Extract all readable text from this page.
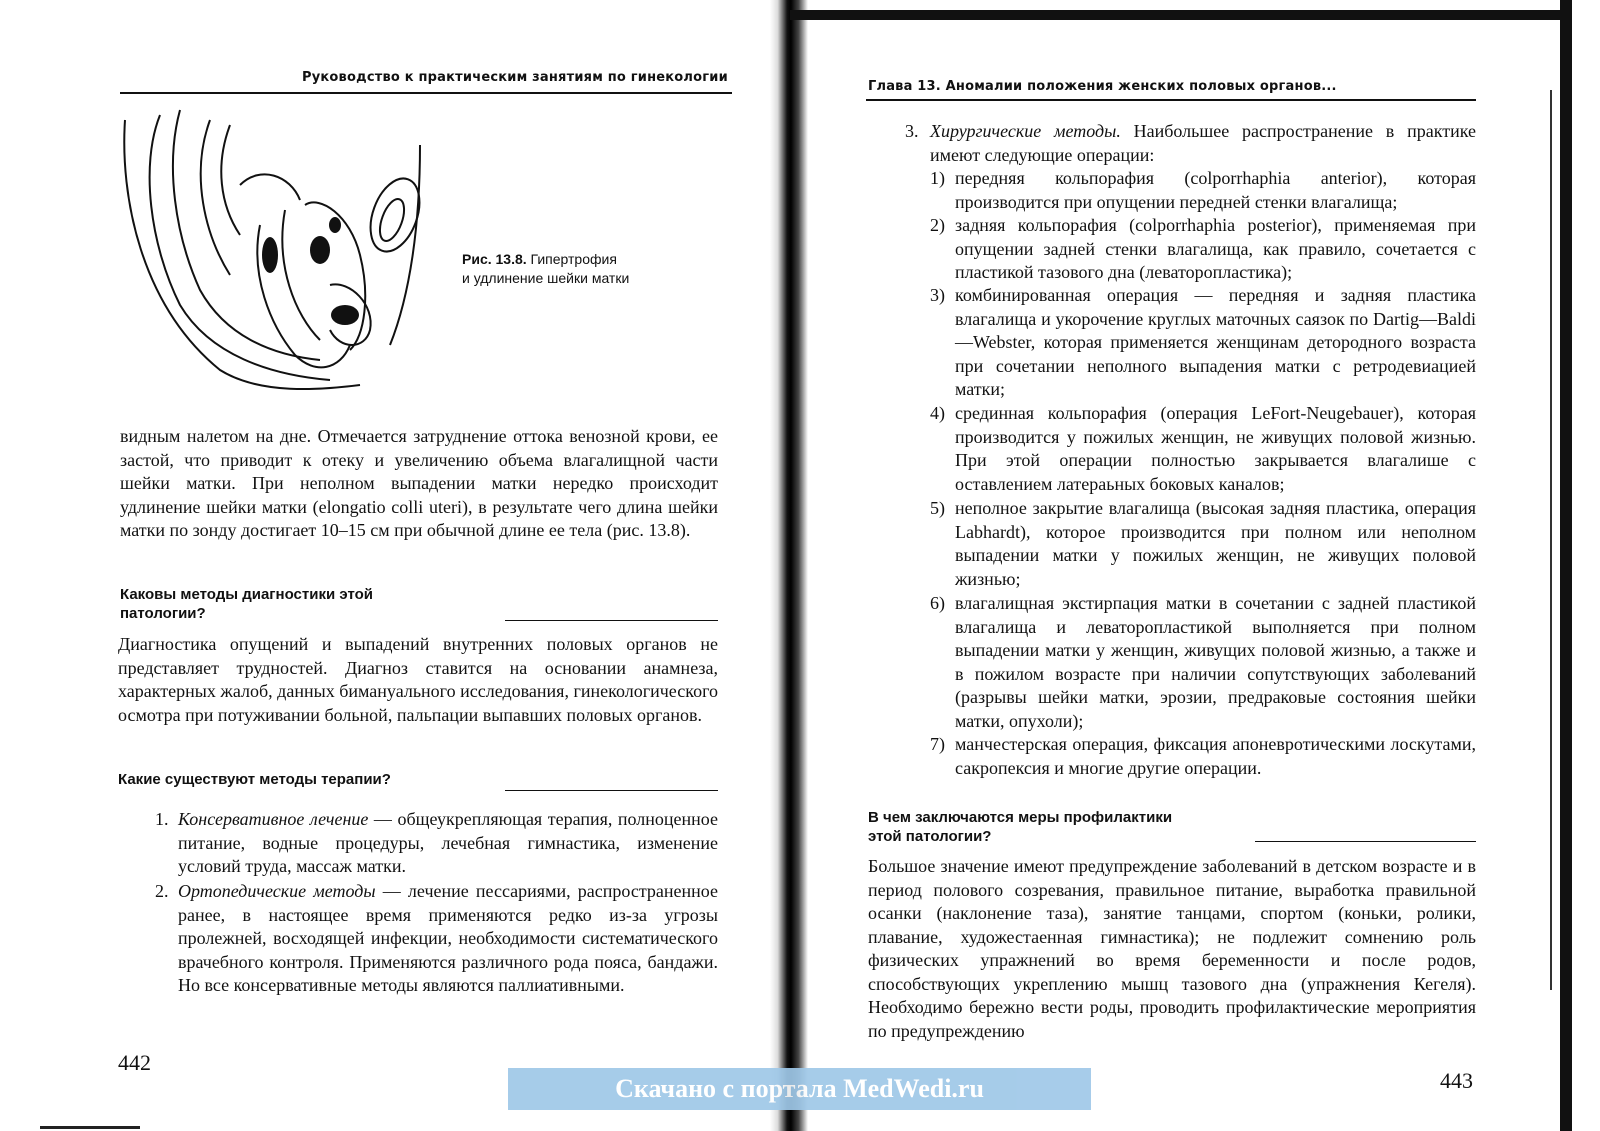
Руководство к практическим занятиям по гинекологии
Рис. 13.8. Гипертрофия
и удлинение шейки матки
видным налетом на дне. Отмечается затруднение оттока венозной крови, ее застой, что приводит к отеку и увеличению объема влагалищной части шейки матки. При неполном выпадении матки нередко происходит удлинение шейки матки (elongatio colli uteri), в результате чего длина шейки матки по зонду достигает 10–15 см при обычной длине ее тела (рис. 13.8).
Каковы методы диагностики этой патологии?
Диагностика опущений и выпадений внутренних половых органов не представляет трудностей. Диагноз ставится на основании анамнеза, характерных жалоб, данных бимануального исследования, гинекологического осмотра при потуживании больной, пальпации выпавших половых органов.
Какие существуют методы терапии?
1. Консервативное лечение — общеукрепляющая терапия, полноценное питание, водные процедуры, лечебная гимнастика, изменение условий труда, массаж матки.
2. Ортопедические методы — лечение пессариями, распространенное ранее, в настоящее время применяются редко из-за угрозы пролежней, восходящей инфекции, необходимости систематического врачебного контроля. Применяются различного рода пояса, бандажи. Но все консервативные методы являются паллиативными.
442
Глава 13. Аномалии положения женских половых органов...
3. Хирургические методы. Наибольшее распространение в практике имеют следующие операции:
1) передняя кольпорафия (colporrhaphia anterior), которая производится при опущении передней стенки влагалища;
2) задняя кольпорафия (colporrhaphia posterior), применяемая при опущении задней стенки влагалища, как правило, сочетается с пластикой тазового дна (леваторопластика);
3) комбинированная операция — передняя и задняя пластика влагалища и укорочение круглых маточных саязок по Dartig—Baldi—Webster, которая применяется женщинам детородного возраста при сочетании неполного выпадения матки с ретродевиацией матки;
4) срединная кольпорафия (операция LeFort-Neugebauer), которая производится у пожилых женщин, не живущих половой жизнью. При этой операции полностью закрывается влагалише с оставлением латераьных боковых каналов;
5) неполное закрытие влагалища (высокая задняя пластика, операция Labhardt), которое производится при полном или неполном выпадении матки у пожилых женщин, не живущих половой жизнью;
6) влагалищная экстирпация матки в сочетании с задней пластикой влагалища и леваторопластикой выполняется при полном выпадении матки у женщин, живущих половой жизнью, а также и в пожилом возрасте при наличии сопутствующих заболеваний (разрывы шейки матки, эрозии, предраковые состояния шейки матки, опухоли);
7) манчестерская операция, фиксация апоневротическими лоскутами, сакропексия и многие другие операции.
В чем заключаются меры профилактики этой патологии?
Большое значение имеют предупреждение заболеваний в детском возрасте и в период полового созревания, правильное питание, выработка правильной осанки (наклонение таза), занятие танцами, спортом (коньки, ролики, плавание, художестаенная гимнастика); не подлежит сомнению роль физических упражнений во время беременности и после родов, способствующих укреплению мышц тазового дна (упражнения Кегеля). Необходимо бережно вести роды, проводить профилактические мероприятия по предупреждению
443
Скачано с портала MedWedi.ru
